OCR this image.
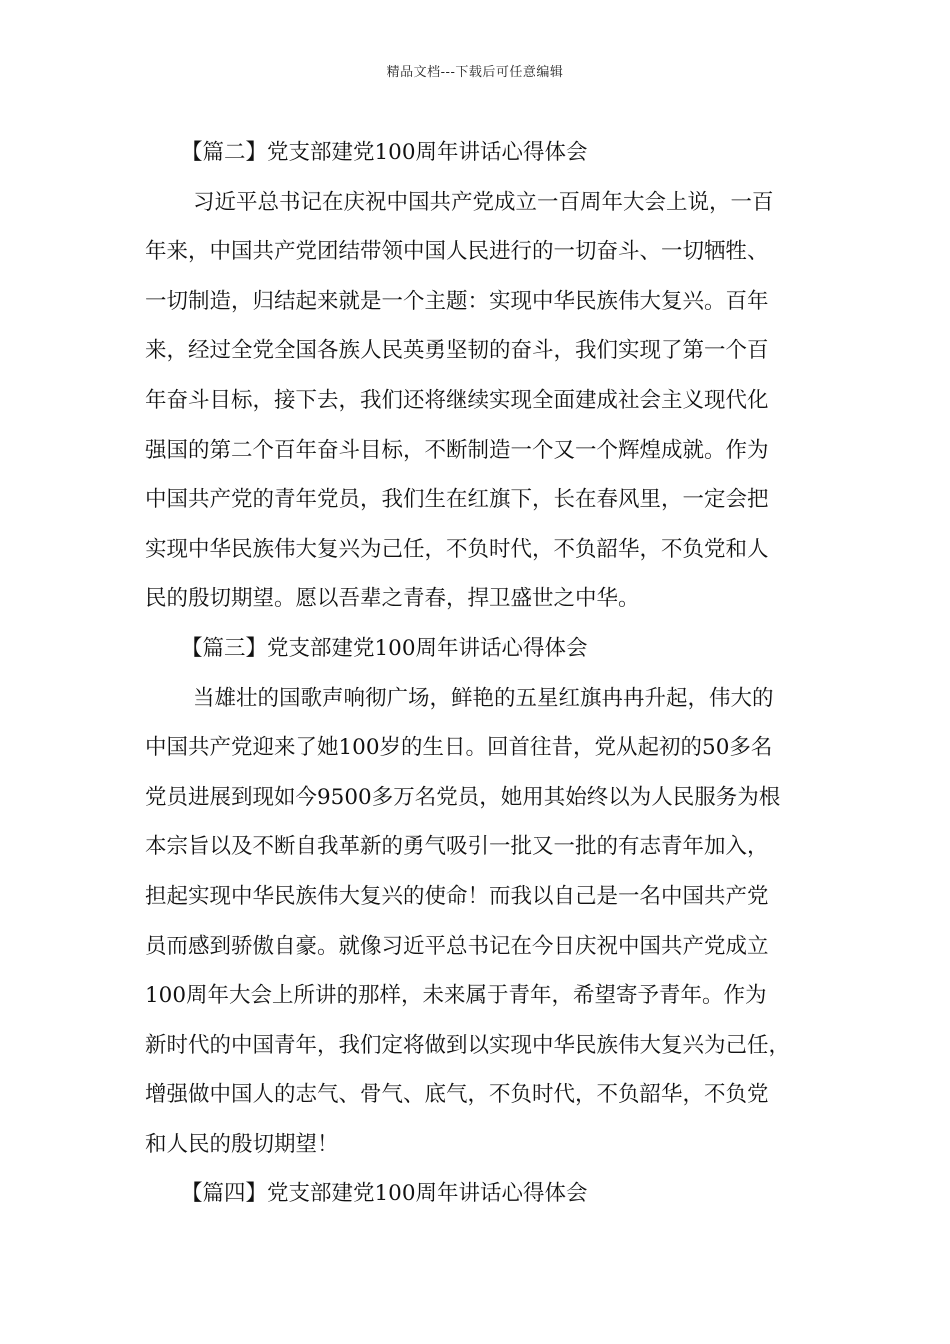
精品文档---下载后可任意编辑
【篇二】党支部建党100周年讲话心得体会
习近平总书记在庆祝中国共产党成立一百周年大会上说，一百
年来，中国共产党团结带领中国人民进行的一切奋斗、一切牺牲、
一切制造，归结起来就是一个主题：实现中华民族伟大复兴。百年
来，经过全党全国各族人民英勇坚韧的奋斗，我们实现了第一个百
年奋斗目标，接下去，我们还将继续实现全面建成社会主义现代化
强国的第二个百年奋斗目标，不断制造一个又一个辉煌成就。作为
中国共产党的青年党员，我们生在红旗下，长在春风里，一定会把
实现中华民族伟大复兴为己任，不负时代，不负韶华，不负党和人
民的殷切期望。愿以吾辈之青春，捍卫盛世之中华。
【篇三】党支部建党100周年讲话心得体会
当雄壮的国歌声响彻广场，鲜艳的五星红旗冉冉升起，伟大的
中国共产党迎来了她100岁的生日。回首往昔，党从起初的50多名
党员进展到现如今9500多万名党员，她用其始终以为人民服务为根
本宗旨以及不断自我革新的勇气吸引一批又一批的有志青年加入，
担起实现中华民族伟大复兴的使命！而我以自己是一名中国共产党
员而感到骄傲自豪。就像习近平总书记在今日庆祝中国共产党成立
100周年大会上所讲的那样，未来属于青年，希望寄予青年。作为
新时代的中国青年，我们定将做到以实现中华民族伟大复兴为己任，
增强做中国人的志气、骨气、底气，不负时代，不负韶华，不负党
和人民的殷切期望！
【篇四】党支部建党100周年讲话心得体会
